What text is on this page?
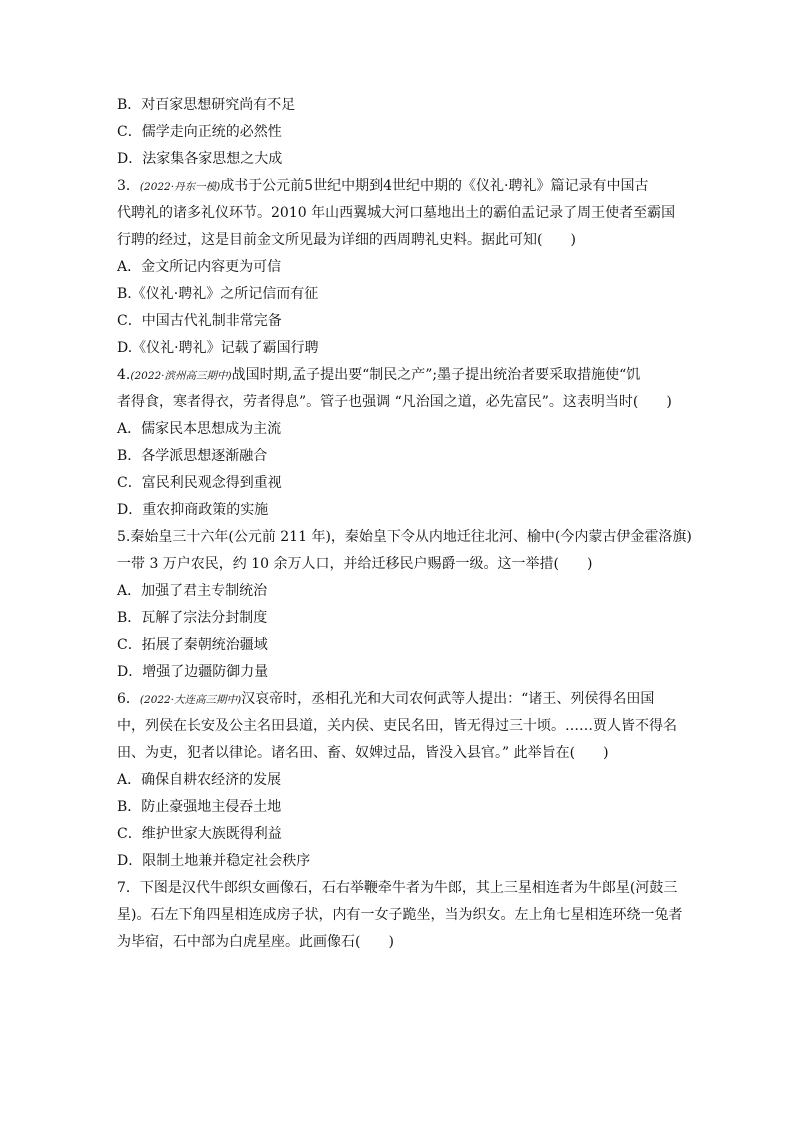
B．对百家思想研究尚有不足
C．儒学走向正统的必然性
D．法家集各家思想之大成
3．(2022·丹东一模)成书于公元前5世纪中期到4世纪中期的《仪礼·聘礼》篇记录有中国古
代聘礼的诸多礼仪环节。2010 年山西翼城大河口墓地出土的霸伯盂记录了周王使者至霸国
行聘的经过，这是目前金文所见最为详细的西周聘礼史料。据此可知(　　)
A．金文所记内容更为可信
B.《仪礼·聘礼》之所记信而有征
C．中国古代礼制非常完备
D.《仪礼·聘礼》记载了霸国行聘
4.(2022·滨州高三期中)战国时期,孟子提出要“制民之产”;墨子提出统治者要采取措施使“饥
者得食，寒者得衣，劳者得息”。管子也强调 “凡治国之道，必先富民”。这表明当时(　　)
A．儒家民本思想成为主流
B．各学派思想逐渐融合
C．富民利民观念得到重视
D．重农抑商政策的实施
5.秦始皇三十六年(公元前 211 年)，秦始皇下令从内地迁往北河、榆中(今内蒙古伊金霍洛旗)
一带 3 万户农民，约 10 余万人口，并给迁移民户赐爵一级。这一举措(　　)
A．加强了君主专制统治
B．瓦解了宗法分封制度
C．拓展了秦朝统治疆域
D．增强了边疆防御力量
6．(2022·大连高三期中)汉哀帝时，丞相孔光和大司农何武等人提出：“诸王、列侯得名田国
中，列侯在长安及公主名田县道，关内侯、吏民名田，皆无得过三十顷。……贾人皆不得名
田、为吏，犯者以律论。诸名田、畜、奴婢过品，皆没入县官。” 此举旨在(　　)
A．确保自耕农经济的发展
B．防止豪强地主侵吞土地
C．维护世家大族既得利益
D．限制土地兼并稳定社会秩序
7．下图是汉代牛郎织女画像石，石右举鞭牵牛者为牛郎，其上三星相连者为牛郎星(河鼓三
星)。石左下角四星相连成房子状，内有一女子跪坐，当为织女。左上角七星相连环绕一兔者
为毕宿，石中部为白虎星座。此画像石(　　)
